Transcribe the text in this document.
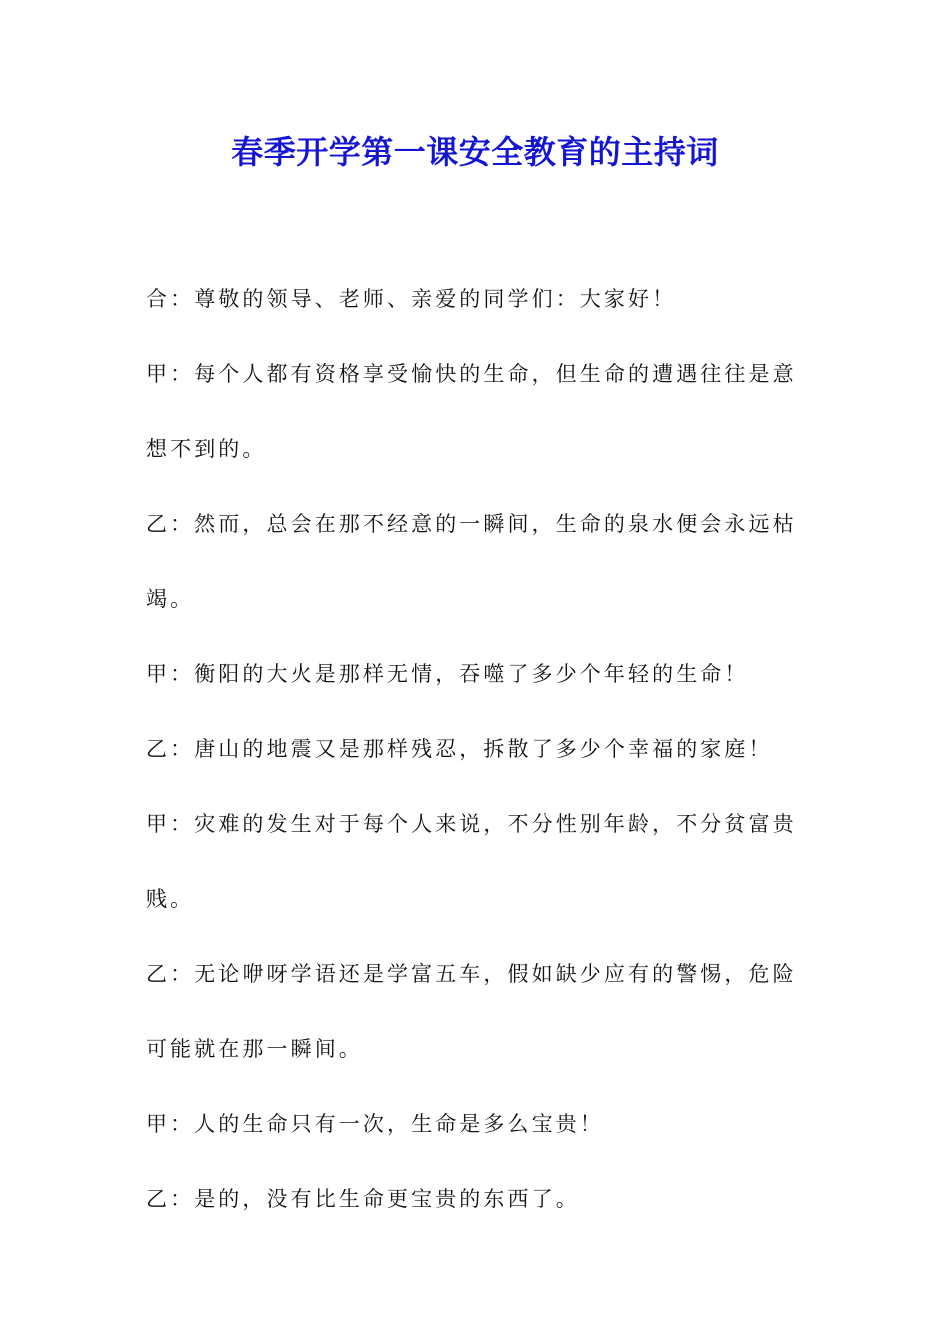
春季开学第一课安全教育的主持词

合：尊敬的领导、老师、亲爱的同学们：大家好！

甲：每个人都有资格享受愉快的生命，但生命的遭遇往往是意想不到的。

乙：然而，总会在那不经意的一瞬间，生命的泉水便会永远枯竭。

甲：衡阳的大火是那样无情，吞噬了多少个年轻的生命！

乙：唐山的地震又是那样残忍，拆散了多少个幸福的家庭！

甲：灾难的发生对于每个人来说，不分性别年龄，不分贫富贵贱。

乙：无论咿呀学语还是学富五车，假如缺少应有的警惕，危险可能就在那一瞬间。

甲：人的生命只有一次，生命是多么宝贵！

乙：是的，没有比生命更宝贵的东西了。
